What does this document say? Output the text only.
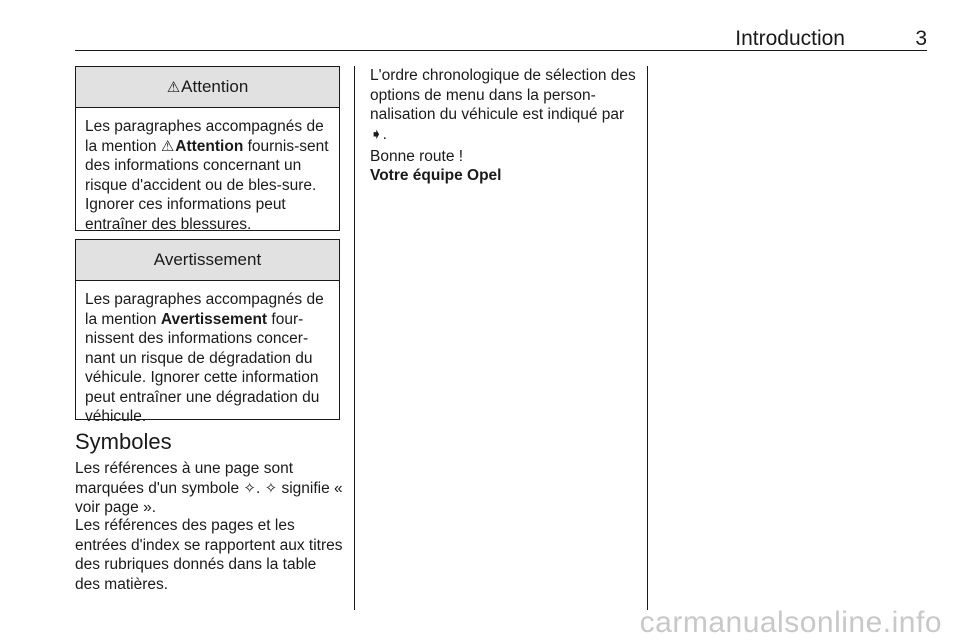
Introduction	3
⚠ Attention
Les paragraphes accompagnés de la mention ⚠Attention fournis-sent des informations concernant un risque d'accident ou de bles-sure. Ignorer ces informations peut entraîner des blessures.
Avertissement
Les paragraphes accompagnés de la mention Avertissement four-nissent des informations concer-nant un risque de dégradation du véhicule. Ignorer cette information peut entraîner une dégradation du véhicule.
Symboles

Les références à une page sont marquées d'un symbole ✧. ✧ signifie « voir page ».

Les références des pages et les entrées d'index se rapportent aux titres des rubriques donnés dans la table des matières.

L'ordre chronologique de sélection des options de menu dans la person-nalisation du véhicule est indiqué par
➧.

Bonne route !

Votre équipe Opel

carmanualsonline.info
